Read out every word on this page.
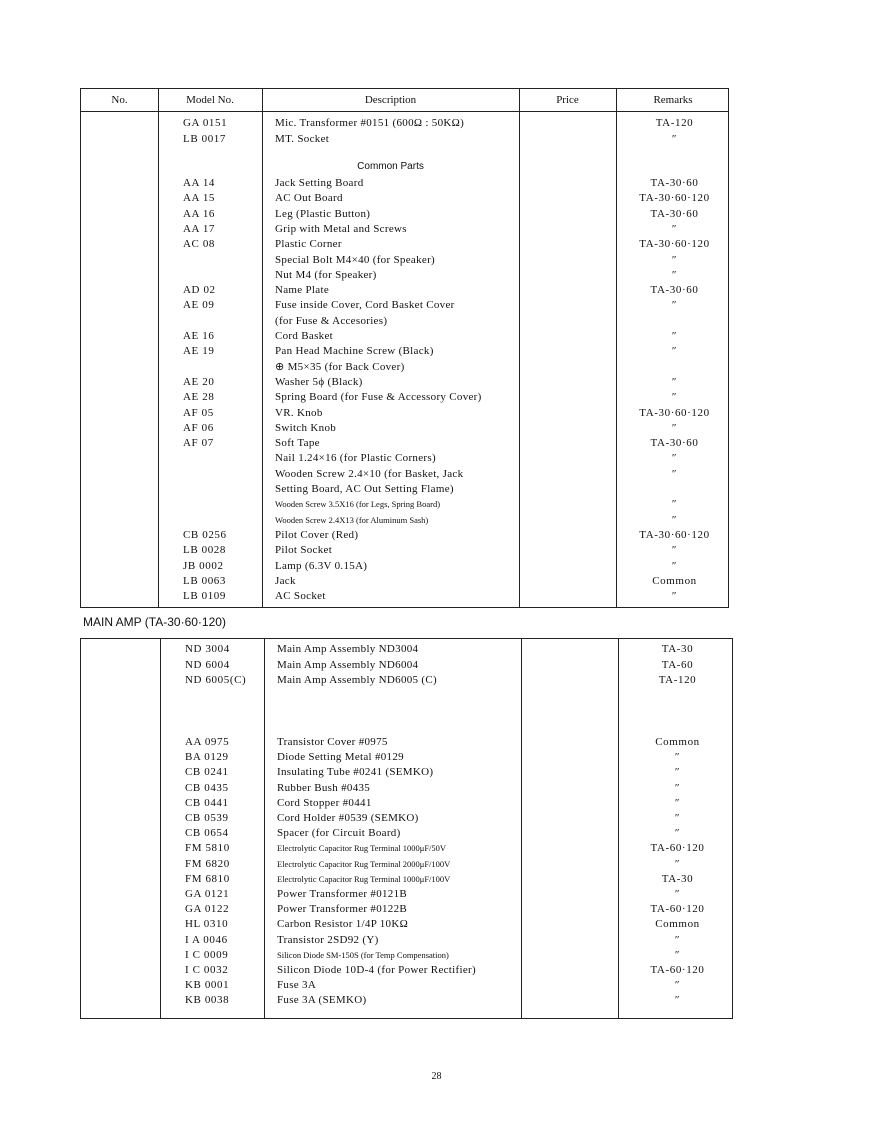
No.	Model No.	Description	Price	Remarks
GA 0151	Mic. Transformer #0151 (600Ω : 50KΩ)	TA-120
LB 0017	MT. Socket	″
Common Parts
AA 14	Jack Setting Board	TA-30·60
AA 15	AC Out Board	TA-30·60·120
AA 16	Leg (Plastic Button)	TA-30·60
AA 17	Grip with Metal and Screws	″
AC 08	Plastic Corner	TA-30·60·120
Special Bolt M4×40 (for Speaker)	″
Nut M4 (for Speaker)	″
AD 02	Name Plate	TA-30·60
AE 09	Fuse inside Cover, Cord Basket Cover	″
(for Fuse & Accesories)
AE 16	Cord Basket	″
AE 19	Pan Head Machine Screw (Black)	″
⊕ M5×35 (for Back Cover)
AE 20	Washer 5ϕ (Black)	″
AE 28	Spring Board (for Fuse & Accessory Cover)	″
AF 05	VR. Knob	TA-30·60·120
AF 06	Switch Knob	″
AF 07	Soft Tape	TA-30·60
Nail 1.24×16 (for Plastic Corners)	″
Wooden Screw 2.4×10 (for Basket, Jack	″
Setting Board, AC Out Setting Flame)
Wooden Screw 3.5X16 (for Legs, Spring Board)	″
Wooden Screw 2.4X13 (for Aluminum Sash)	″
CB 0256	Pilot Cover (Red)	TA-30·60·120
LB 0028	Pilot Socket	″
JB 0002	Lamp (6.3V 0.15A)	″
LB 0063	Jack	Common
LB 0109	AC Socket	″
MAIN AMP (TA-30·60·120)
ND 3004	Main Amp Assembly ND3004	TA-30
ND 6004	Main Amp Assembly ND6004	TA-60
ND 6005(C)	Main Amp Assembly ND6005 (C)	TA-120
AA 0975	Transistor Cover #0975	Common
BA 0129	Diode Setting Metal #0129	″
CB 0241	Insulating Tube #0241 (SEMKO)	″
CB 0435	Rubber Bush #0435	″
CB 0441	Cord Stopper #0441	″
CB 0539	Cord Holder #0539 (SEMKO)	″
CB 0654	Spacer (for Circuit Board)	″
FM 5810	Electrolytic Capacitor Rug Terminal 1000μF/50V	TA-60·120
FM 6820	Electrolytic Capacitor Rug Terminal 2000μF/100V	″
FM 6810	Electrolytic Capacitor Rug Terminal 1000μF/100V	TA-30
GA 0121	Power Transformer #0121B	″
GA 0122	Power Transformer #0122B	TA-60·120
HL 0310	Carbon Resistor 1/4P 10KΩ	Common
I A 0046	Transistor 2SD92 (Y)	″
I C 0009	Silicon Diode SM-150S (for Temp Compensation)	″
I C 0032	Silicon Diode 10D-4 (for Power Rectifier)	TA-60·120
KB 0001	Fuse 3A	″
KB 0038	Fuse 3A (SEMKO)	″
28
